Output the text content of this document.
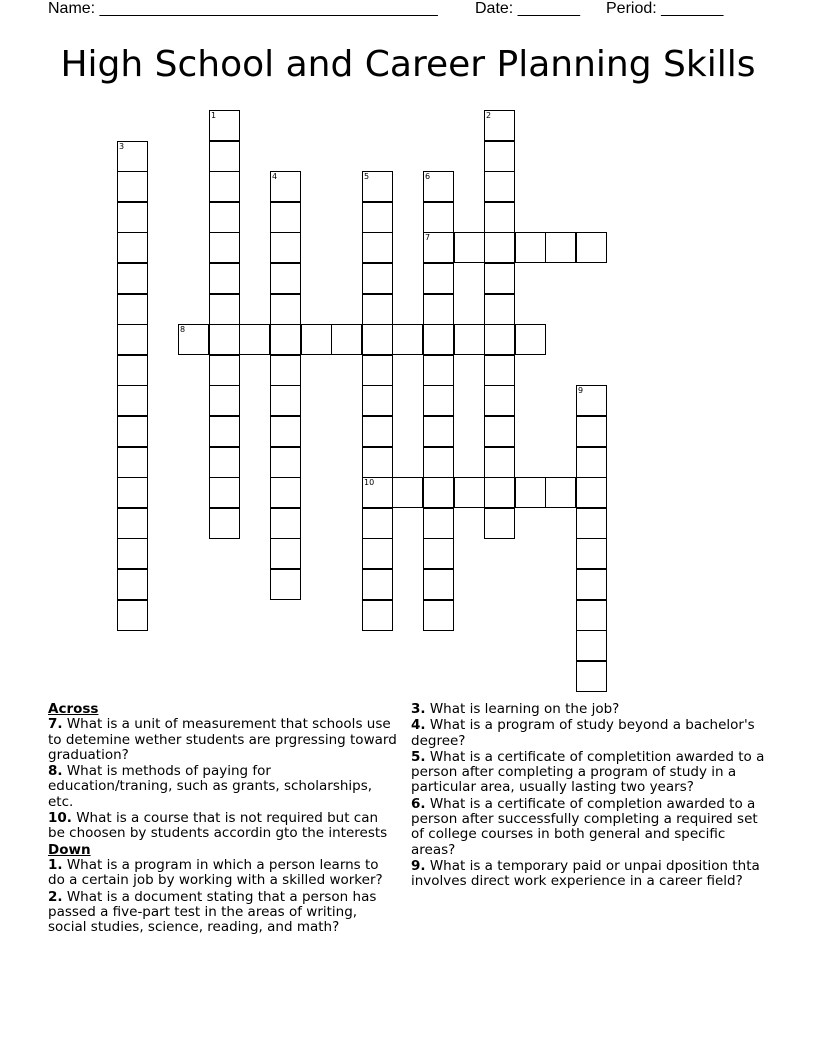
Name: ______________________________________ Date: _______ Period: _______
High School and Career Planning Skills
1	2
3
4	5
10
6
7
8
9
Across
7. What is a unit of measurement that schools use to detemine wether students are prgressing toward graduation?
8. What is methods of paying for education/traning, such as grants, scholarships, etc.
10. What is a course that is not required but can be choosen by students accordin gto the interests
Down
1. What is a program in which a person learns to do a certain job by working with a skilled worker?
2. What is a document stating that a person has passed a five-part test in the areas of writing, social studies, science, reading, and math?
3. What is learning on the job?
4. What is a program of study beyond a bachelor's degree?
5. What is a certificate of completition awarded to a person after completing a program of study in a particular area, usually lasting two years?
6. What is a certificate of completion awarded to a person after successfully completing a required set of college courses in both general and specific areas?
9. What is a temporary paid or unpai dposition thta involves direct work experience in a career field?
